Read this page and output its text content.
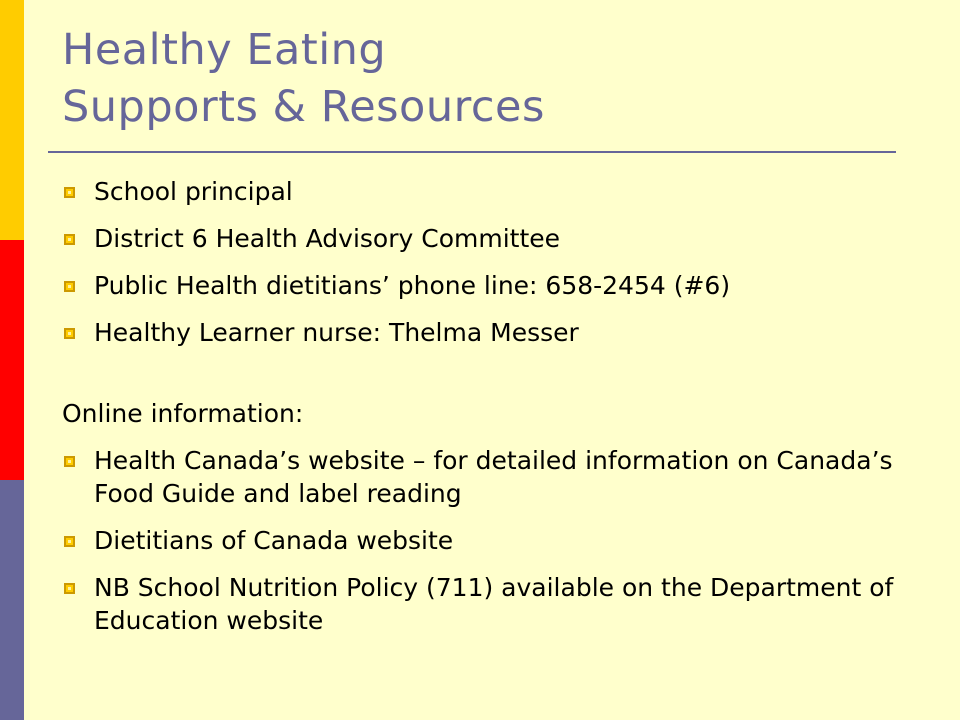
Healthy Eating
Supports & Resources
School principal
District 6 Health Advisory Committee
Public Health dietitians’ phone line: 658-2454 (#6)
Healthy Learner nurse: Thelma Messer
Online information:
Health Canada’s website – for detailed information on Canada’s Food Guide and label reading
Dietitians of Canada website
NB School Nutrition Policy (711) available on the Department of Education website
